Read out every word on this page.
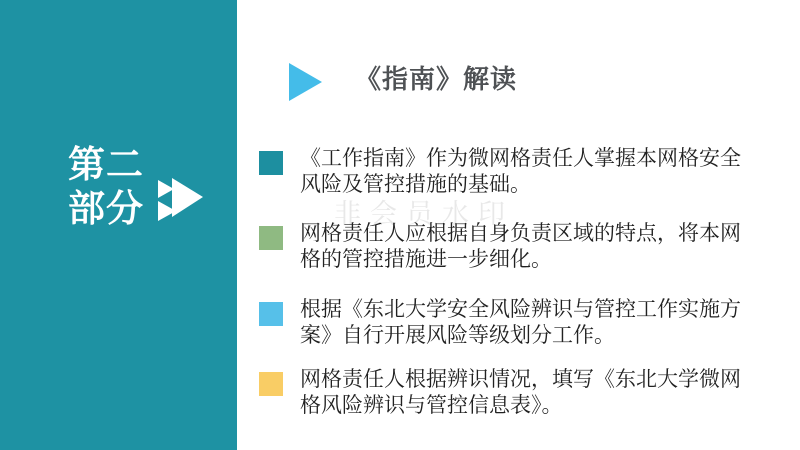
第二
部分	非会员水印
《指南》解读

《工作指南》作为微网格责任人掌握本网格安全风险及管控措施的基础。

网格责任人应根据自身负责区域的特点，将本网格的管控措施进一步细化。

根据《东北大学安全风险辨识与管控工作实施方案》自行开展风险等级划分工作。

网格责任人根据辨识情况，填写《东北大学微网格风险辨识与管控信息表》。
